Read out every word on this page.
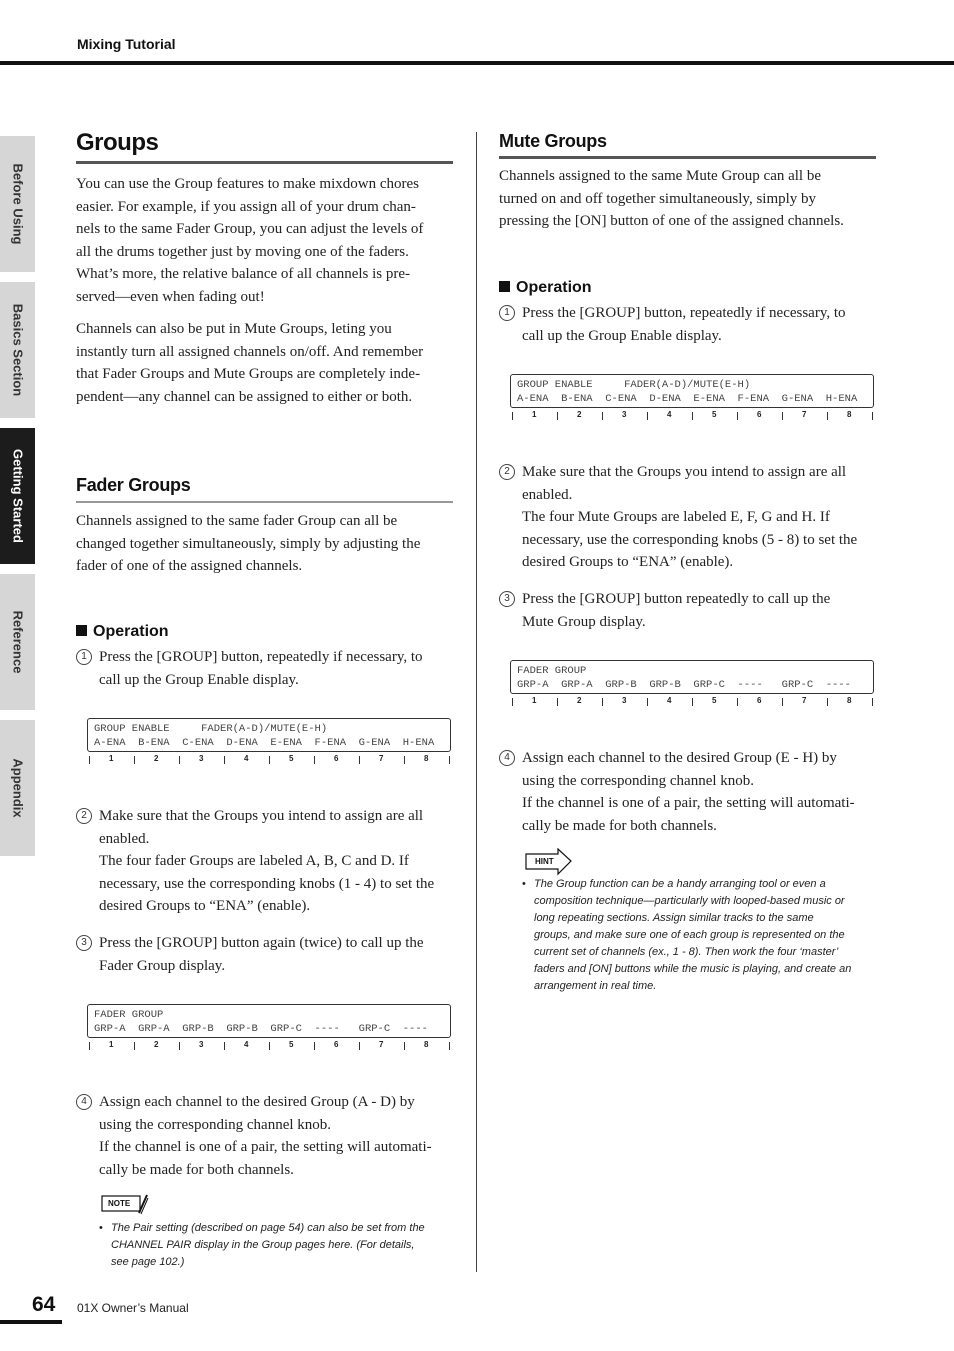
Mixing Tutorial
Before Using
Basics Section
Getting Started
Reference
Appendix
Groups
You can use the Group features to make mixdown chores
easier. For example, if you assign all of your drum chan-
nels to the same Fader Group, you can adjust the levels of
all the drums together just by moving one of the faders.
What’s more, the relative balance of all channels is pre-
served—even when fading out!
Channels can also be put in Mute Groups, leting you
instantly turn all assigned channels on/off. And remember
that Fader Groups and Mute Groups are completely inde-
pendent—any channel can be assigned to either or both.
Fader Groups
Channels assigned to the same fader Group can all be
changed together simultaneously, simply by adjusting the
fader of one of the assigned channels.
Operation
1 Press the [GROUP] button, repeatedly if necessary, to
call up the Group Enable display.
GROUP ENABLE     FADER(A-D)/MUTE(E-H)
A-ENA  B-ENA  C-ENA  D-ENA  E-ENA  F-ENA  G-ENA  H-ENA
1	2	3	4	5	6	7	8
2 Make sure that the Groups you intend to assign are all
enabled.
The four fader Groups are labeled A, B, C and D. If
necessary, use the corresponding knobs (1 - 4) to set the
desired Groups to “ENA” (enable).
3 Press the [GROUP] button again (twice) to call up the
Fader Group display.
FADER GROUP
GRP-A  GRP-A  GRP-B  GRP-B  GRP-C  ----   GRP-C  ----
1	2	3	4	5	6	7	8
4 Assign each channel to the desired Group (A - D) by
using the corresponding channel knob.
If the channel is one of a pair, the setting will automati-
cally be made for both channels.
NOTE
• The Pair setting (described on page 54) can also be set from the
CHANNEL PAIR display in the Group pages here. (For details,
see page 102.)
Mute Groups
Channels assigned to the same Mute Group can all be
turned on and off together simultaneously, simply by
pressing the [ON] button of one of the assigned channels.
Operation
1 Press the [GROUP] button, repeatedly if necessary, to
call up the Group Enable display.
GROUP ENABLE     FADER(A-D)/MUTE(E-H)
A-ENA  B-ENA  C-ENA  D-ENA  E-ENA  F-ENA  G-ENA  H-ENA
1	2	3	4	5	6	7	8
2 Make sure that the Groups you intend to assign are all
enabled.
The four Mute Groups are labeled E, F, G and H. If
necessary, use the corresponding knobs (5 - 8) to set the
desired Groups to “ENA” (enable).
3 Press the [GROUP] button repeatedly to call up the
Mute Group display.
FADER GROUP
GRP-A  GRP-A  GRP-B  GRP-B  GRP-C  ----   GRP-C  ----
1	2	3	4	5	6	7	8
4 Assign each channel to the desired Group (E - H) by
using the corresponding channel knob.
If the channel is one of a pair, the setting will automati-
cally be made for both channels.
HINT
• The Group function can be a handy arranging tool or even a
composition technique—particularly with looped-based music or
long repeating sections. Assign similar tracks to the same
groups, and make sure one of each group is represented on the
current set of channels (ex., 1 - 8). Then work the four ‘master’
faders and [ON] buttons while the music is playing, and create an
arrangement in real time.
64 01X Owner’s Manual
